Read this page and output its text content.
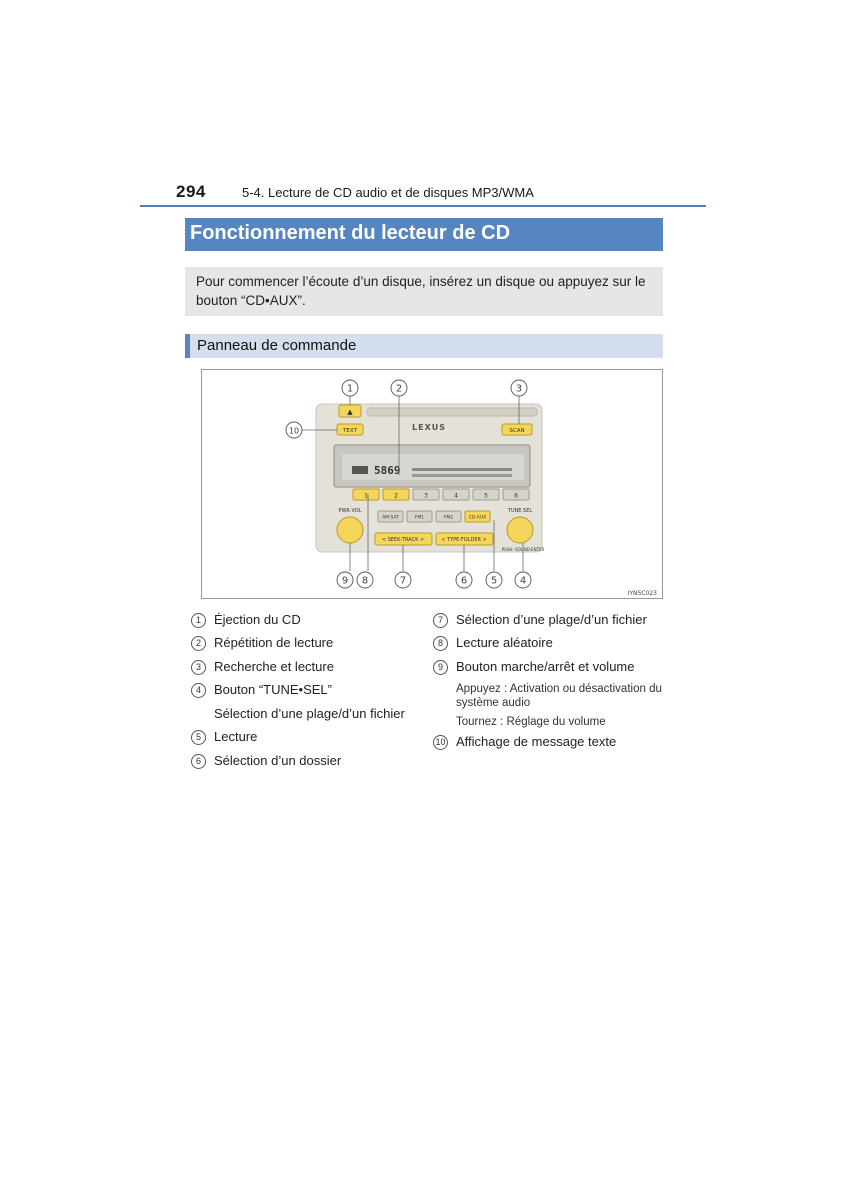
294	5-4. Lecture de CD audio et de disques MP3/WMA
Fonctionnement du lecteur de CD
Pour commencer l’écoute d’un disque, insérez un disque ou appuyez sur le bouton “CD•AUX”.
Panneau de commande
▲
LEXUS
TEXT	SCAN
5869
1	2	3	4	5	6
AM·SAT	FM1	FM2	CD·AUX
< SEEK·TRACK >	< TYPE·FOLDER >
PWR·VOL	TUNE·SEL
PUSH ·SOUND·ENTER
1	2	3
4
5
6
7
8
9
10
IYN5C023
1	Éjection du CD
2	Répétition de lecture
3	Recherche et lecture
4	Bouton “TUNE•SEL”
Sélection d’une plage/d’un fichier
5	Lecture
6	Sélection d’un dossier
7	Sélection d’une plage/d’un fichier
8	Lecture aléatoire
9	Bouton marche/arrêt et volume
Appuyez : Activation ou désactivation du système audio
Tournez : Réglage du volume
10 Affichage de message texte
